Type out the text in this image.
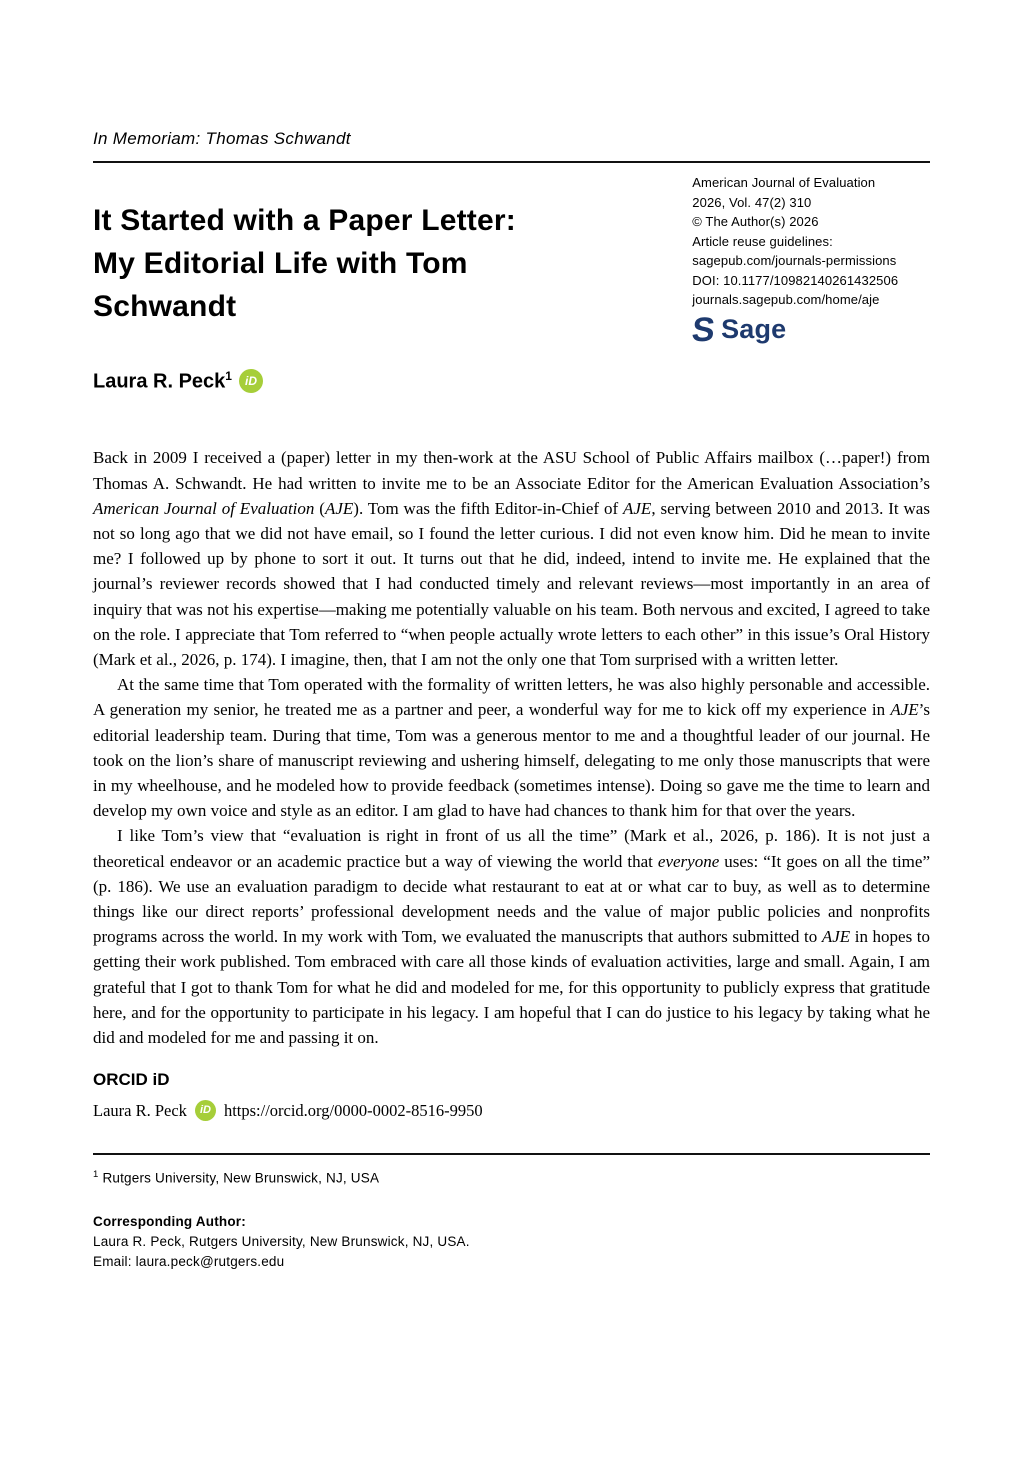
In Memoriam: Thomas Schwandt
It Started with a Paper Letter:
My Editorial Life with Tom
Schwandt
American Journal of Evaluation
2026, Vol. 47(2) 310
© The Author(s) 2026
Article reuse guidelines:
sagepub.com/journals-permissions
DOI: 10.1177/10982140261432506
journals.sagepub.com/home/aje
S Sage
Laura R. Peck$^1$	iD

Back in 2009 I received a (paper) letter in my then-work at the ASU School of Public Affairs mailbox (…paper!) from Thomas A. Schwandt. He had written to invite me to be an Associate Editor for the American Evaluation Association’s American Journal of Evaluation (AJE). Tom was the fifth Editor-in-Chief of AJE, serving between 2010 and 2013. It was not so long ago that we did not have email, so I found the letter curious. I did not even know him. Did he mean to invite me? I followed up by phone to sort it out. It turns out that he did, indeed, intend to invite me. He explained that the journal’s reviewer records showed that I had conducted timely and relevant reviews—most importantly in an area of inquiry that was not his expertise—making me potentially valuable on his team. Both nervous and excited, I agreed to take on the role. I appreciate that Tom referred to “when people actually wrote letters to each other” in this issue’s Oral History (Mark et al., 2026, p. 174). I imagine, then, that I am not the only one that Tom surprised with a written letter.

At the same time that Tom operated with the formality of written letters, he was also highly personable and accessible. A generation my senior, he treated me as a partner and peer, a wonderful way for me to kick off my experience in AJE’s editorial leadership team. During that time, Tom was a generous mentor to me and a thoughtful leader of our journal. He took on the lion’s share of manuscript reviewing and ushering himself, delegating to me only those manuscripts that were in my wheelhouse, and he modeled how to provide feedback (sometimes intense). Doing so gave me the time to learn and develop my own voice and style as an editor. I am glad to have had chances to thank him for that over the years.

I like Tom’s view that “evaluation is right in front of us all the time” (Mark et al., 2026, p. 186). It is not just a theoretical endeavor or an academic practice but a way of viewing the world that everyone uses: “It goes on all the time” (p. 186). We use an evaluation paradigm to decide what restaurant to eat at or what car to buy, as well as to determine things like our direct reports’ professional development needs and the value of major public policies and nonprofits programs across the world. In my work with Tom, we evaluated the manuscripts that authors submitted to AJE in hopes to getting their work published. Tom embraced with care all those kinds of evaluation activities, large and small. Again, I am grateful that I got to thank Tom for what he did and modeled for me, for this opportunity to publicly express that gratitude here, and for the opportunity to participate in his legacy. I am hopeful that I can do justice to his legacy by taking what he did and modeled for me and passing it on.

ORCID iD
Laura R. Peck	iD https://orcid.org/0000-0002-8516-9950
$^1$ Rutgers University, New Brunswick, NJ, USA
Corresponding Author:
Laura R. Peck, Rutgers University, New Brunswick, NJ, USA.
Email: laura.peck@rutgers.edu
